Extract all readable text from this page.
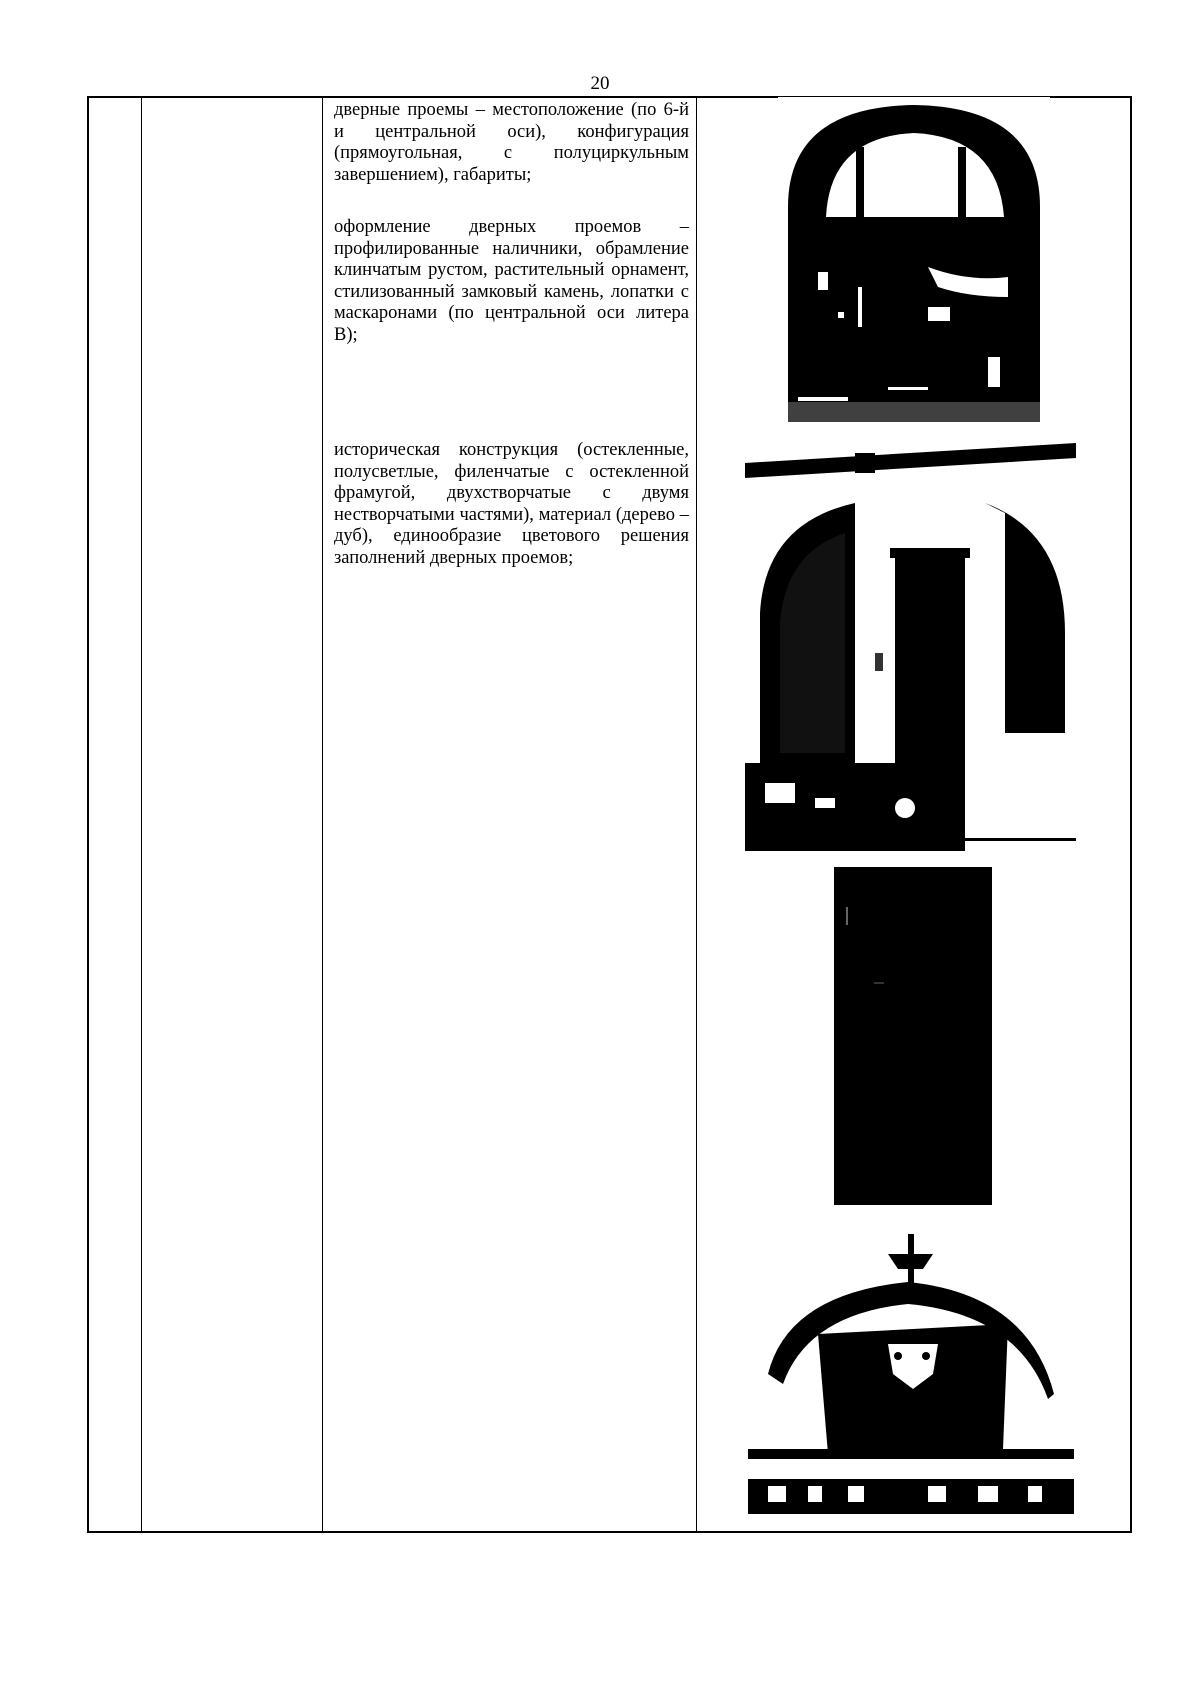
20

дверные проемы – местоположение (по 6-й и центральной оси), конфигурация (прямоугольная, с полуциркульным завершением), габариты;

оформление дверных проемов – профилированные наличники, обрамление клинчатым рустом, растительный орнамент, стилизованный замковый камень, лопатки с маскаронами (по центральной оси литера В);

историческая конструкция (остекленные, полусветлые, филенчатые с остекленной фрамугой, двухстворчатые с двумя нестворчатыми частями), материал (дерево – дуб), единообразие цветового решения заполнений дверных проемов;
